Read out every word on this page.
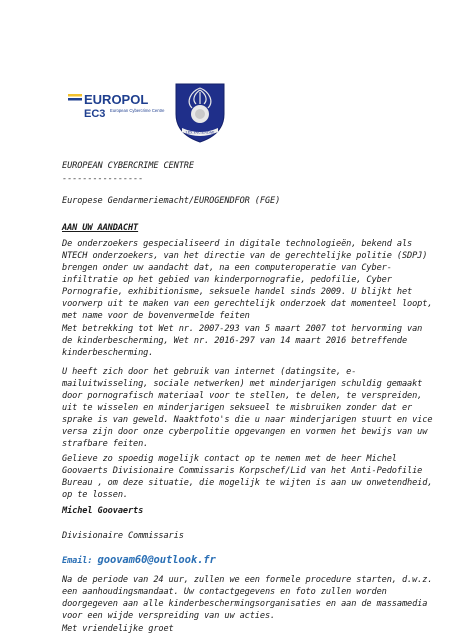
EUROPOL
EC3 European Cybercrime Centre
LEX FACIENDAE
EUROPEAN CYBERCRIME CENTRE
----------------
Europese Gendarmeriemacht/EUROGENDFOR (FGE)
AAN UW AANDACHT

De onderzoekers gespecialiseerd in digitale technologieën, bekend als NTECH onderzoekers, van het directie van de gerechtelijke politie (SDPJ) brengen onder uw aandacht dat, na een computeroperatie van Cyber-infiltratie op het gebied van kinderpornografie, pedofilie, Cyber Pornografie, exhibitionisme, seksuele handel sinds 2009. U blijkt het voorwerp uit te maken van een gerechtelijk onderzoek dat momenteel loopt, met name voor de bovenvermelde feiten

Met betrekking tot Wet nr. 2007-293 van 5 maart 2007 tot hervorming van de kinderbescherming, Wet nr. 2016-297 van 14 maart 2016 betreffende kinderbescherming.

U heeft zich door het gebruik van internet (datingsite, e-mailuitwisseling, sociale netwerken) met minderjarigen schuldig gemaakt door pornografisch materiaal voor te stellen, te delen, te verspreiden, uit te wisselen en minderjarigen seksueel te misbruiken zonder dat er sprake is van geweld. Naaktfoto's die u naar minderjarigen stuurt en vice versa zijn door onze cyberpolitie opgevangen en vormen het bewijs van uw strafbare feiten.

Gelieve zo spoedig mogelijk contact op te nemen met de heer Michel Goovaerts Divisionaire Commissaris Korpschef/Lid van het Anti-Pedofilie Bureau , om deze situatie, die mogelijk te wijten is aan uw onwetendheid, op te lossen.

Michel Goovaerts
Divisionaire Commissaris
Email: goovam60@outlook.fr

Na de periode van 24 uur, zullen we een formele procedure starten, d.w.z. een aanhoudingsmandaat. Uw contactgegevens en foto zullen worden doorgegeven aan alle kinderbeschermingsorganisaties en aan de massamedia voor een wijde verspreiding van uw acties.

Met vriendelijke groet
